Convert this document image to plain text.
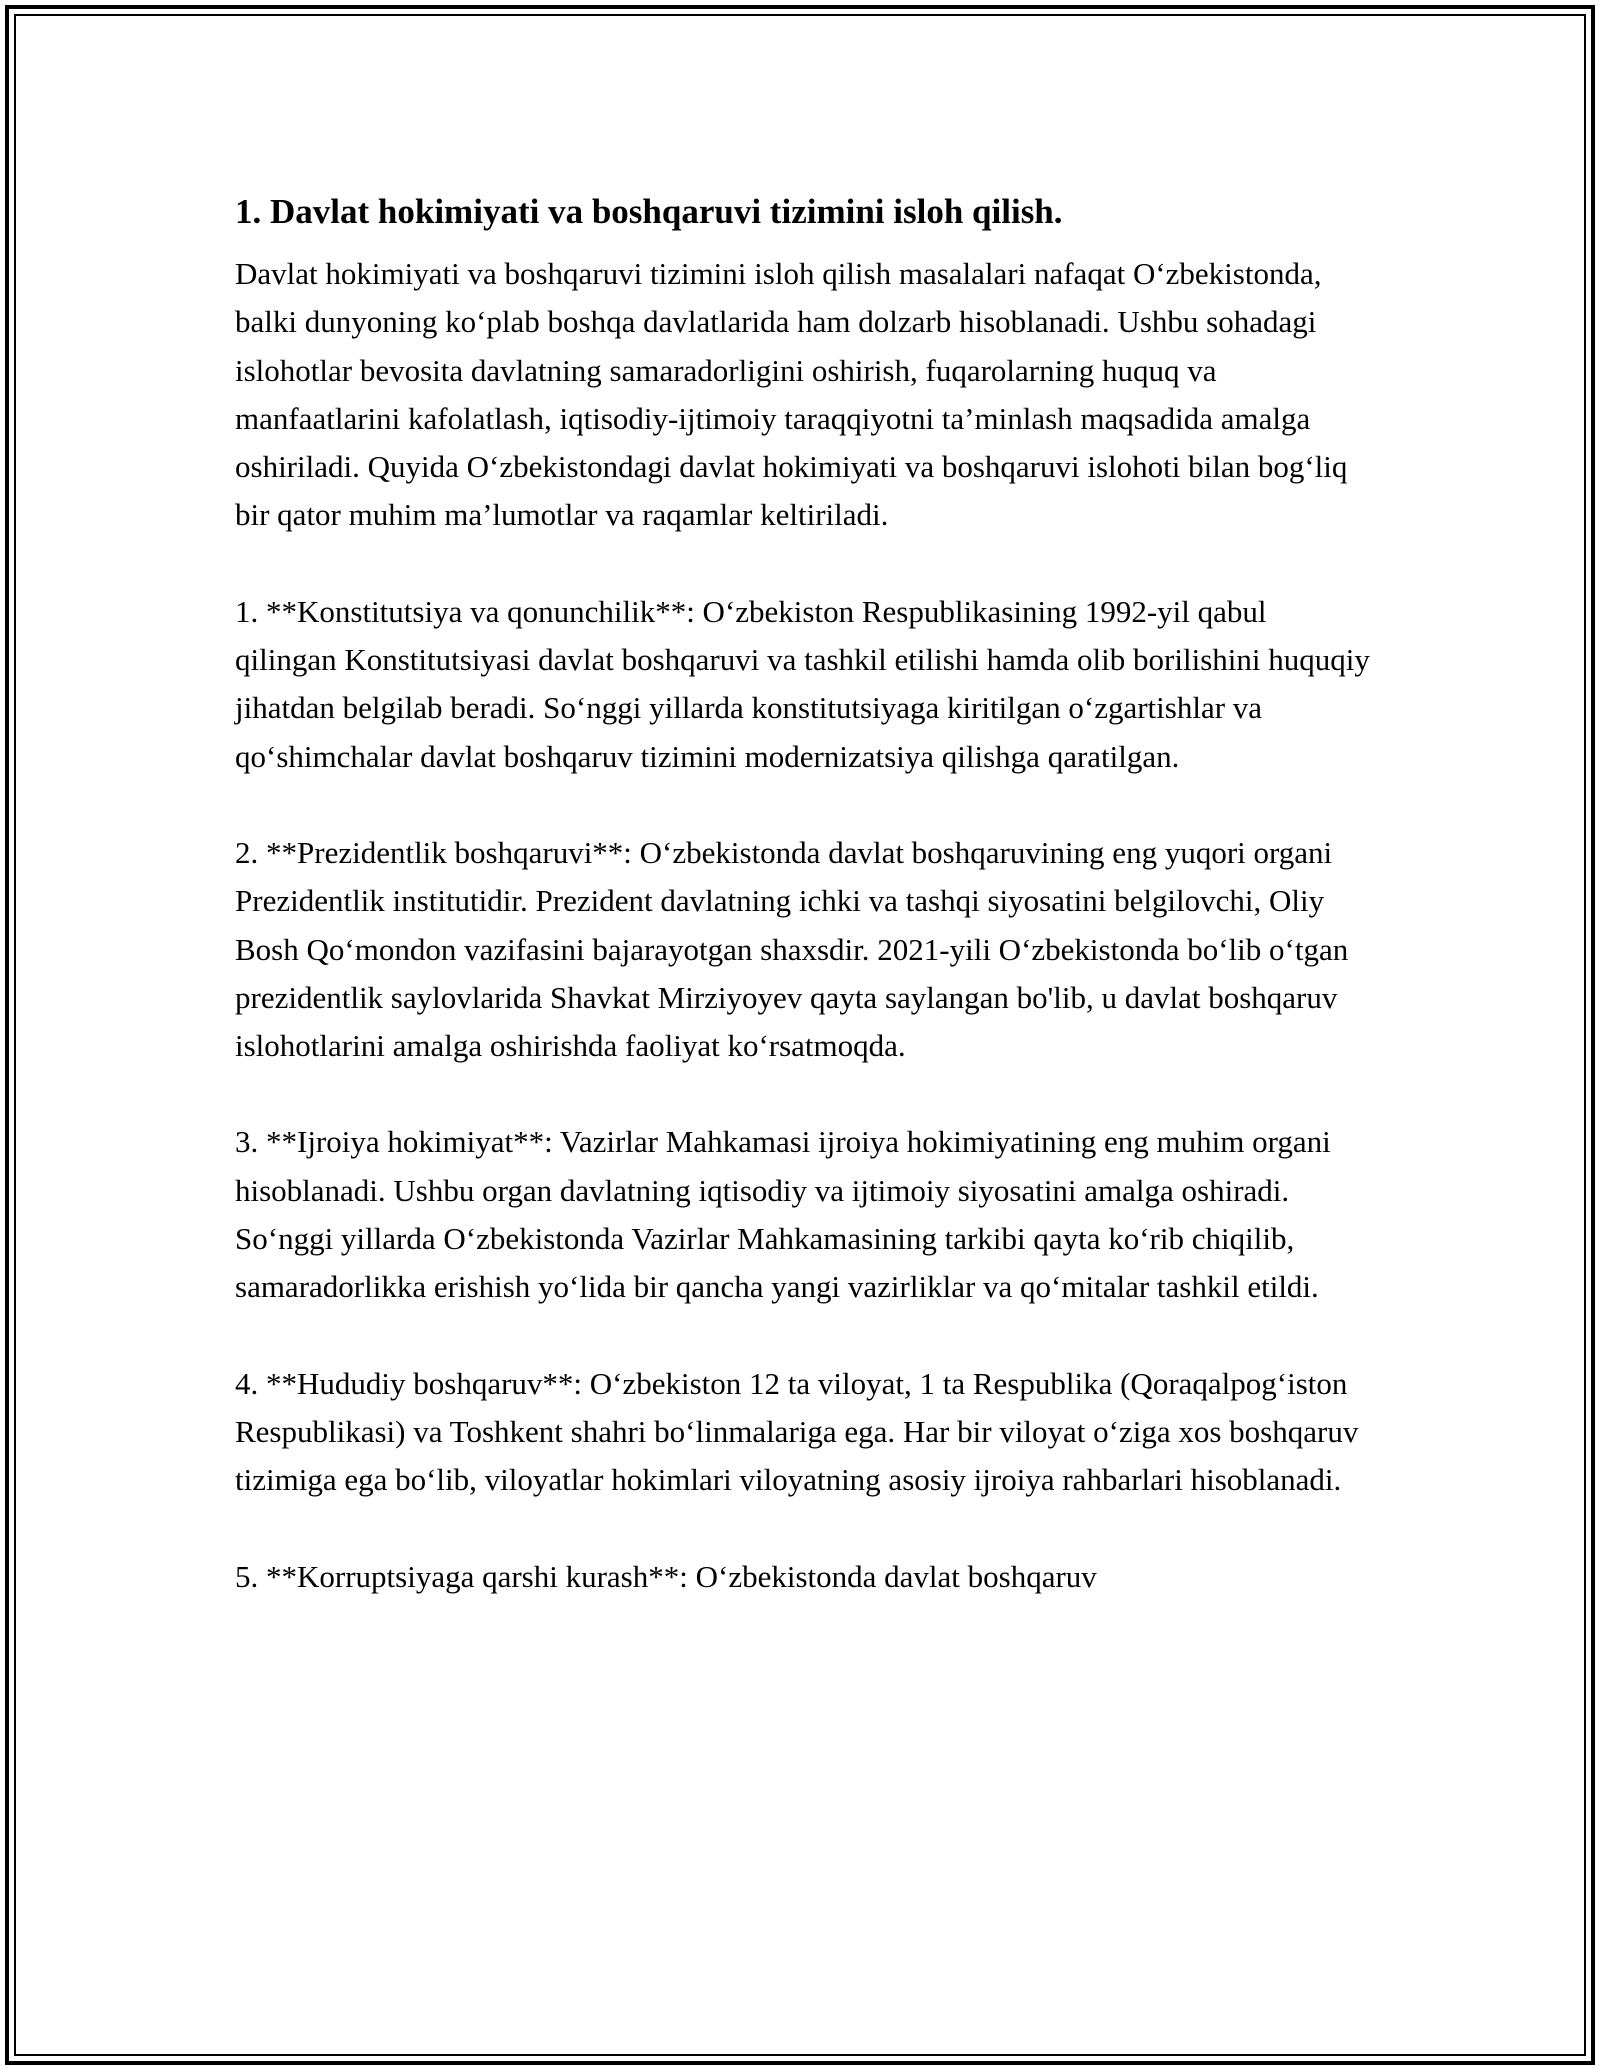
1. Davlat hokimiyati va boshqaruvi tizimini isloh qilish.

Davlat hokimiyati va boshqaruvi tizimini isloh qilish masalalari nafaqat O‘zbekistonda, balki dunyoning ko‘plab boshqa davlatlarida ham dolzarb hisoblanadi. Ushbu sohadagi islohotlar bevosita davlatning samaradorligini oshirish, fuqarolarning huquq va manfaatlarini kafolatlash, iqtisodiy-ijtimoiy taraqqiyotni ta’minlash maqsadida amalga oshiriladi. Quyida O‘zbekistondagi davlat hokimiyati va boshqaruvi islohoti bilan bog‘liq bir qator muhim ma’lumotlar va raqamlar keltiriladi.

1. **Konstitutsiya va qonunchilik**: O‘zbekiston Respublikasining 1992-yil qabul qilingan Konstitutsiyasi davlat boshqaruvi va tashkil etilishi hamda olib borilishini huquqiy jihatdan belgilab beradi. So‘nggi yillarda konstitutsiyaga kiritilgan o‘zgartishlar va qo‘shimchalar davlat boshqaruv tizimini modernizatsiya qilishga qaratilgan.

2. **Prezidentlik boshqaruvi**: O‘zbekistonda davlat boshqaruvining eng yuqori organi Prezidentlik institutidir. Prezident davlatning ichki va tashqi siyosatini belgilovchi, Oliy Bosh Qo‘mondon vazifasini bajarayotgan shaxsdir. 2021-yili O‘zbekistonda bo‘lib o‘tgan prezidentlik saylovlarida Shavkat Mirziyoyev qayta saylangan bo'lib, u davlat boshqaruv islohotlarini amalga oshirishda faoliyat ko‘rsatmoqda.

3. **Ijroiya hokimiyat**: Vazirlar Mahkamasi ijroiya hokimiyatining eng muhim organi hisoblanadi. Ushbu organ davlatning iqtisodiy va ijtimoiy siyosatini amalga oshiradi. So‘nggi yillarda O‘zbekistonda Vazirlar Mahkamasining tarkibi qayta ko‘rib chiqilib, samaradorlikka erishish yo‘lida bir qancha yangi vazirliklar va qo‘mitalar tashkil etildi.

4. **Hududiy boshqaruv**: O‘zbekiston 12 ta viloyat, 1 ta Respublika (Qoraqalpog‘iston Respublikasi) va Toshkent shahri bo‘linmalariga ega. Har bir viloyat o‘ziga xos boshqaruv tizimiga ega bo‘lib, viloyatlar hokimlari viloyatning asosiy ijroiya rahbarlari hisoblanadi.

5. **Korruptsiyaga qarshi kurash**: O‘zbekistonda davlat boshqaruv
